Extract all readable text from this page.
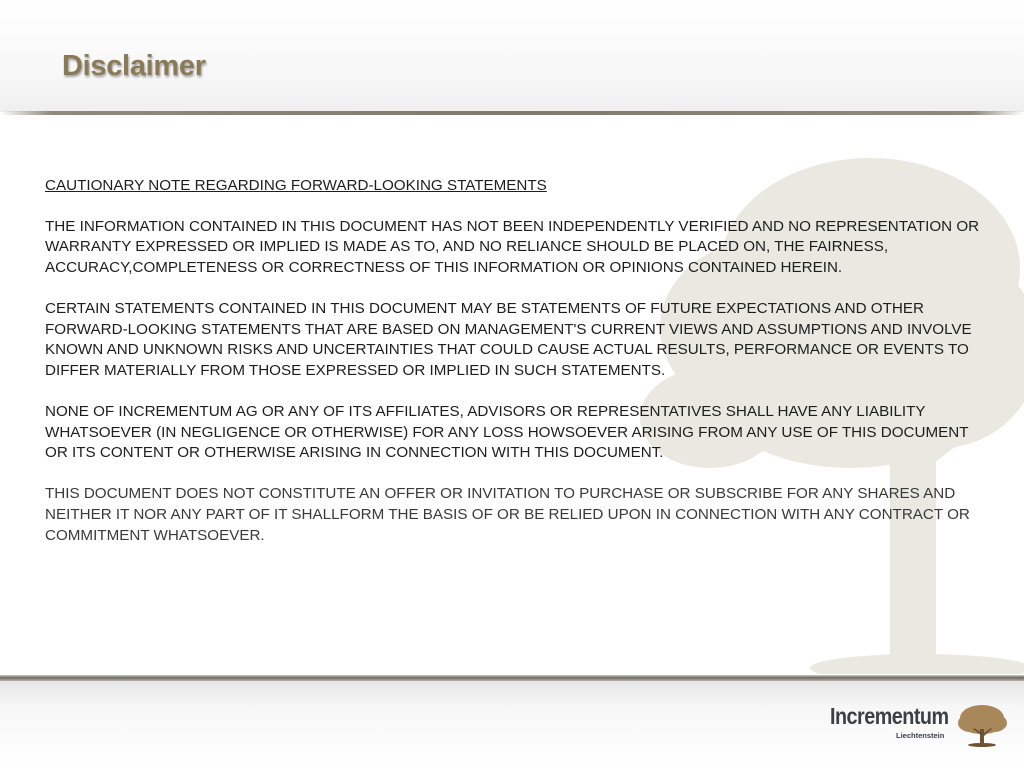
Disclaimer
CAUTIONARY NOTE REGARDING FORWARD-LOOKING STATEMENTS

THE INFORMATION CONTAINED IN THIS DOCUMENT HAS NOT BEEN INDEPENDENTLY VERIFIED AND NO REPRESENTATION OR WARRANTY EXPRESSED OR IMPLIED IS MADE AS TO, AND NO RELIANCE SHOULD BE PLACED ON, THE FAIRNESS, ACCURACY,COMPLETENESS OR CORRECTNESS OF THIS INFORMATION OR OPINIONS CONTAINED HEREIN.

CERTAIN STATEMENTS CONTAINED IN THIS DOCUMENT MAY BE STATEMENTS OF FUTURE EXPECTATIONS AND OTHER FORWARD-LOOKING STATEMENTS THAT ARE BASED ON MANAGEMENT'S CURRENT VIEWS AND ASSUMPTIONS AND INVOLVE KNOWN AND UNKNOWN RISKS AND UNCERTAINTIES THAT COULD CAUSE ACTUAL RESULTS, PERFORMANCE OR EVENTS TO DIFFER MATERIALLY FROM THOSE EXPRESSED OR IMPLIED IN SUCH STATEMENTS.

NONE OF INCREMENTUM AG OR ANY OF ITS AFFILIATES, ADVISORS OR REPRESENTATIVES SHALL HAVE ANY LIABILITY WHATSOEVER (IN NEGLIGENCE OR OTHERWISE) FOR ANY LOSS HOWSOEVER ARISING FROM ANY USE OF THIS DOCUMENT OR ITS CONTENT OR OTHERWISE ARISING IN CONNECTION WITH THIS DOCUMENT.

THIS DOCUMENT DOES NOT CONSTITUTE AN OFFER OR INVITATION TO PURCHASE OR SUBSCRIBE FOR ANY SHARES AND NEITHER IT NOR ANY PART OF IT SHALLFORM THE BASIS OF OR BE RELIED UPON IN CONNECTION WITH ANY CONTRACT OR COMMITMENT WHATSOEVER.

Incrementum
Liechtenstein
